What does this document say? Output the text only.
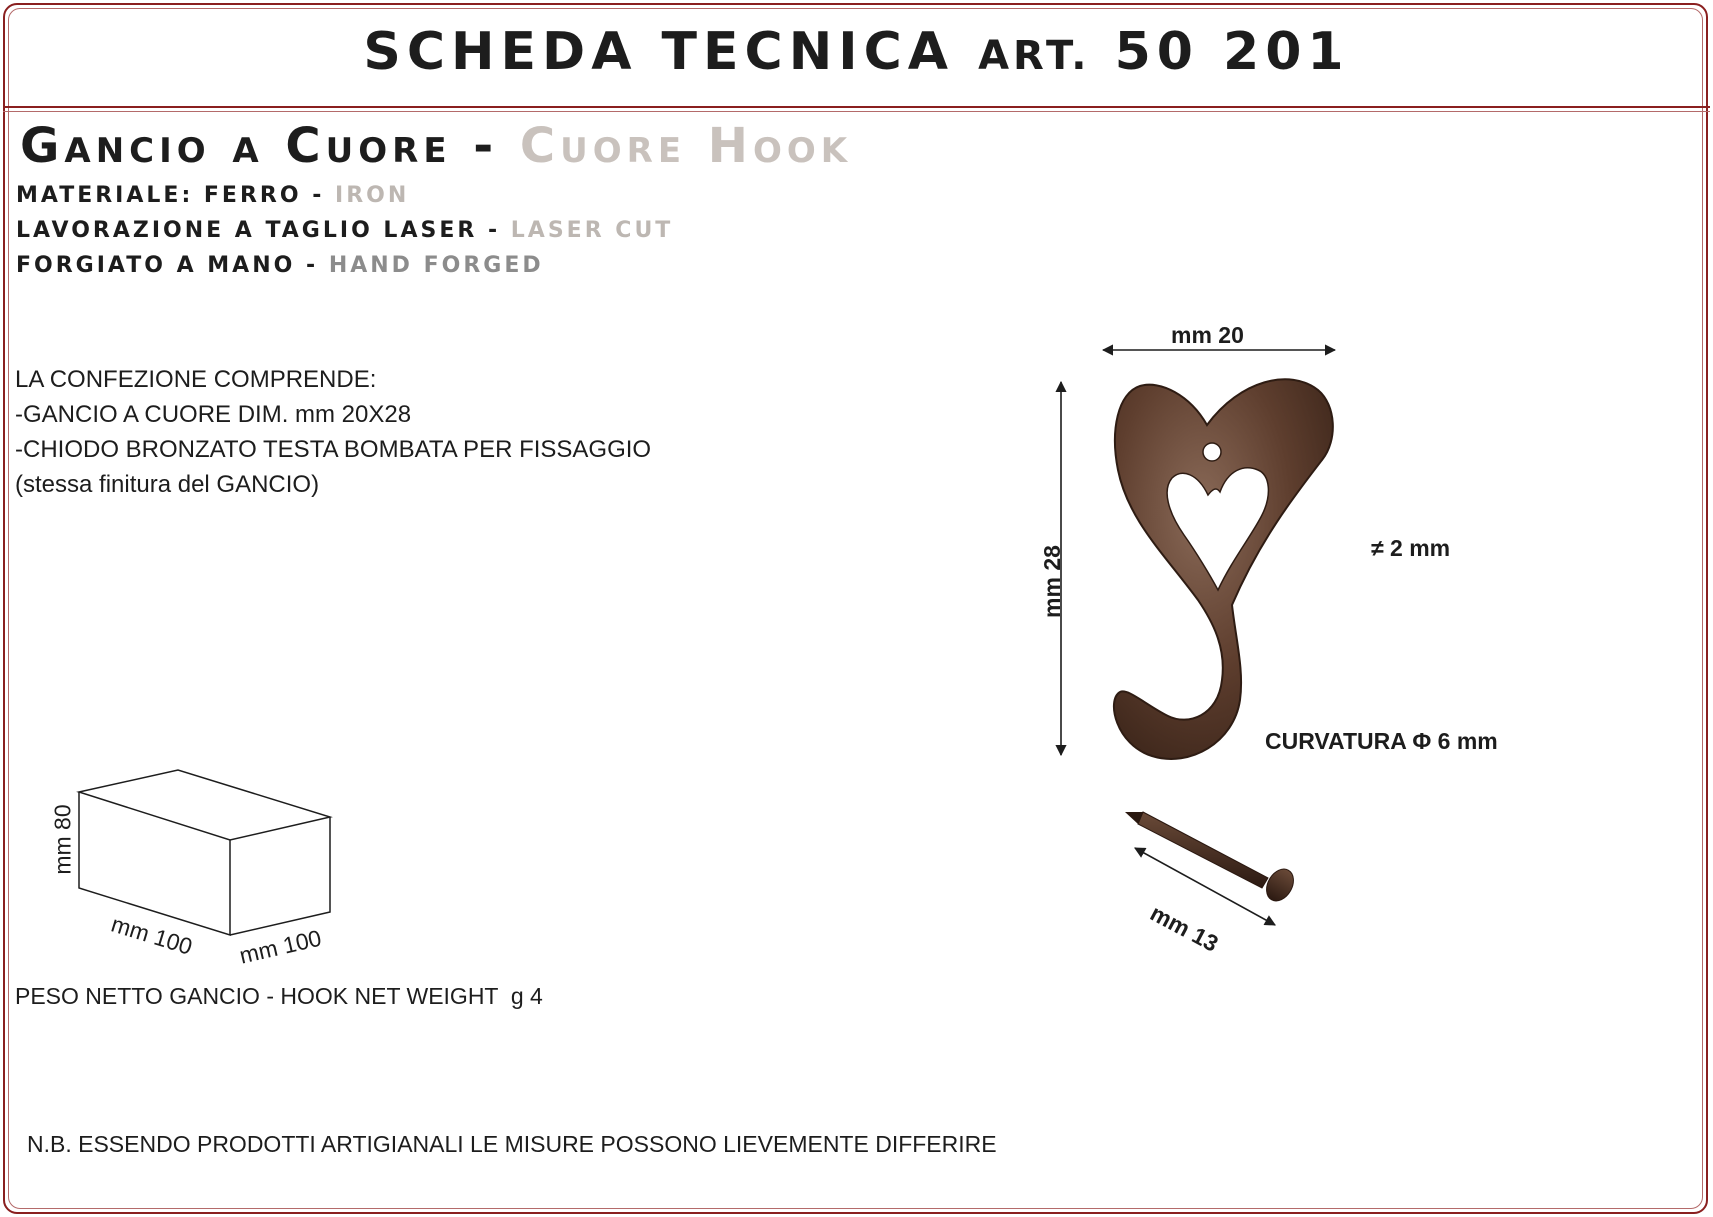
SCHEDA TECNICA ART. 50 201
Gancio a Cuore - Cuore Hook
MATERIALE: FERRO - IRON
LAVORAZIONE A TAGLIO LASER - LASER CUT
FORGIATO A MANO - HAND FORGED
LA CONFEZIONE COMPRENDE:
-GANCIO A CUORE DIM. mm 20X28
-CHIODO BRONZATO TESTA BOMBATA PER FISSAGGIO
(stessa finitura del GANCIO)
mm 20
mm 28	≠ 2 mm
CURVATURA Φ 6 mm
mm 13
mm 80
mm 100 mm 100
PESO NETTO GANCIO - HOOK NET WEIGHT  g 4
N.B. ESSENDO PRODOTTI ARTIGIANALI LE MISURE POSSONO LIEVEMENTE DIFFERIRE
